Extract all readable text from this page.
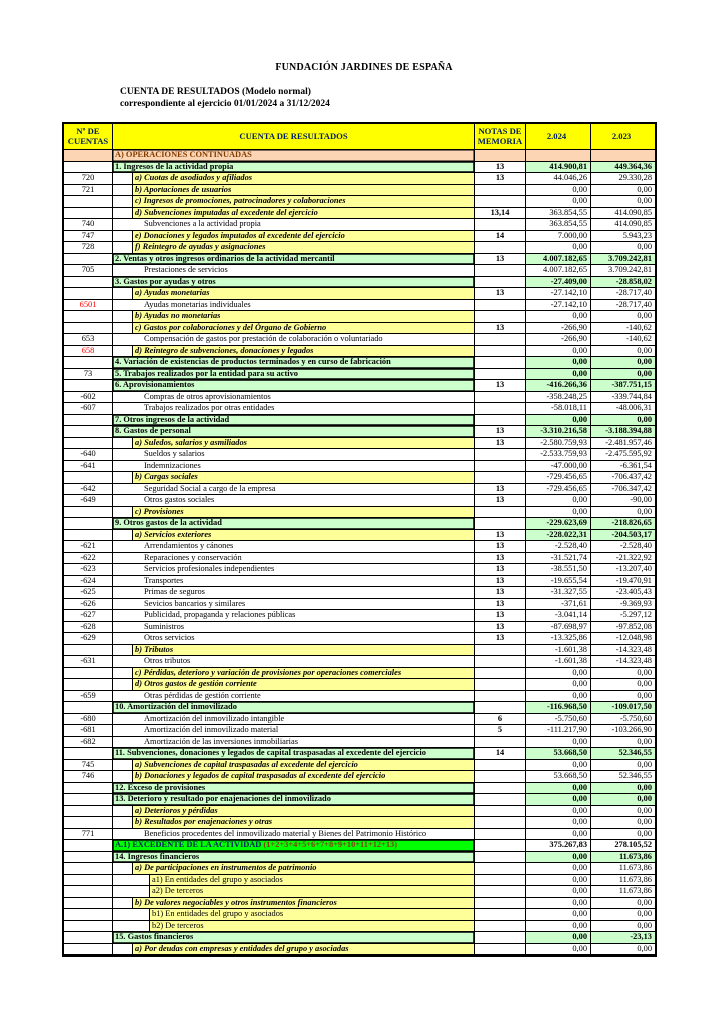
FUNDACIÓN JARDINES DE ESPAÑA
CUENTA DE RESULTADOS (Modelo normal)
correspondiente al ejercicio 01/01/2024 a 31/12/2024
Nº DE
CUENTAS	CUENTA DE RESULTADOS	NOTAS DE
MEMORIA	2.024	2.023
A) OPERACIONES CONTINUADAS
1. Ingresos de la actividad propia	13	414.900,81	449.364,36
720	a) Cuotas de asodiados y afiliados	13	44.046,26	29.330,28
721	b) Aportaciones de usuarios	0,00	0,00
c) Ingresos de promociones, patrocinadores y colaboraciones	0,00	0,00
d) Subvenciones imputadas al excedente del ejercicio	13,14	363.854,55	414.090,85
740	Subvenciones a la actividad propia	363.854,55	414.090,85
747	e) Donaciones y legados imputados al excedente del ejercicio	14	7.000,00	5.943,23
728	f) Reintegro de ayudas y asignaciones	0,00	0,00
2. Ventas y otros ingresos ordinarios de la actividad mercantil	13	4.007.182,65	3.709.242,81
705	Prestaciones de servicios	4.007.182,65	3.709.242,81
3. Gastos por ayudas y otros	-27.409,00	-28.858,02
a) Ayudas monetarias	13	-27.142,10	-28.717,40
6501	Ayudas monetarias individuales	-27.142,10	-28.717,40
b) Ayudas no monetarias	0,00	0,00
c) Gastos por colaboraciones y del Órgano de Gobierno	13	-266,90	-140,62
653	Compensación de gastos por prestación de colaboración o voluntariado	-266,90	-140,62
658	d) Reintegro de subvenciones, donaciones y legados	0,00	0,00
4. Variación de existencias de productos terminados y en curso de fabricación	0,00	0,00
73	5. Trabajos realizados por la entidad para su activo	0,00	0,00
6. Aprovisionamientos	13	-416.266,36	-387.751,15
-602	Compras de otros aprovisionamientos	-358.248,25	-339.744,84
-607	Trabajos realizados por otras entidades	-58.018,11	-48.006,31
7. Otros ingresos de la actividad	0,00	0,00
8. Gastos de personal	13	-3.310.216,58	-3.188.394,88
a) Suledos, salarios y asmiliados	13	-2.580.759,93	-2.481.957,46
-640	Sueldos y salarios	-2.533.759,93	-2.475.595,92
-641	Indemnizaciones	-47.000,00	-6.361,54
b) Cargas sociales	-729.456,65	-706.437,42
-642	Seguridad Social a cargo de la empresa	13	-729.456,65	-706.347,42
-649	Otros gastos sociales	13	0,00	-90,00
c) Provisiones	0,00	0,00
9. Otros gastos de la actividad	-229.623,69	-218.826,65
a) Servicios exteriores	13	-228.022,31	-204.503,17
-621	Arrendamientos y cánones	13	-2.528,40	-2.528,40
-622	Reparaciones y conservación	13	-31.521,74	-21.322,92
-623	Servicios profesionales independientes	13	-38.551,50	-13.207,40
-624	Transportes	13	-19.655,54	-19.470,91
-625	Primas de seguros	13	-31.327,55	-23.405,43
-626	Sevicios bancarios y similares	13	-371,61	-9.369,93
-627	Publicidad, propaganda y relaciones públicas	13	-3.041,14	-5.297,12
-628	Suministros	13	-87.698,97	-97.852,08
-629	Otros servicios	13	-13.325,86	-12.048,98
b) Tributos	-1.601,38	-14.323,48
-631	Otros tributos	-1.601,38	-14.323,48
c) Pérdidas, deterioro y variación de provisiones por operaciones comerciales	0,00	0,00
d) Otros gastos de gestión corriente	0,00	0,00
-659	Otras pérdidas de gestión corriente	0,00	0,00
10. Amortización del inmovilizado	-116.968,50	-109.017,50
-680	Amortización del inmovilizado intangible	6	-5.750,60	-5.750,60
-681	Amortización del inmovilizado material	5	-111.217,90	-103.266,90
-682	Amortización de las inversiones inmobiliarias	0,00	0,00
11. Subvenciones, donaciones y legados de capital traspasadas al excedente del ejercicio	14	53.668,50	52.346,55
745	a) Subvenciones de capital traspasadas al excedente del ejercicio	0,00	0,00
746	b) Donaciones y legados de capital traspasadas al excedente del ejercicio	53.668,50	52.346,55
12. Exceso de provisiones	0,00	0,00
13. Deterioro y resultado por enajenaciones del inmovilizado	0,00	0,00
a) Deterioros y pérdidas	0,00	0,00
b) Resultados por enajenaciones y otras	0,00	0,00
771	Beneficios procedentes del inmovilizado material y Bienes del Patrimonio Histórico	0,00	0,00
A.1) EXCEDENTE DE LA ACTIVIDAD (1+2+3+4+5+6+7+8+9+10+11+12+13)	375.267,83	278.105,52
14. Ingresos financieros	0,00	11.673,86
a) De participaciones en instrumentos de patrimonio	0,00	11.673,86
a1) En entidades del grupo y asociados	0,00	11.673,86
a2) De terceros	0,00	11.673,86
b) De valores negociables y otros instrumentos financieros	0,00	0,00
b1) En entidades del grupo y asociados	0,00	0,00
b2) De terceros	0,00	0,00
15. Gastos financieros	0,00	-23,13
a) Por deudas con empresas y entidades del grupo y asociadas	0,00	0,00
